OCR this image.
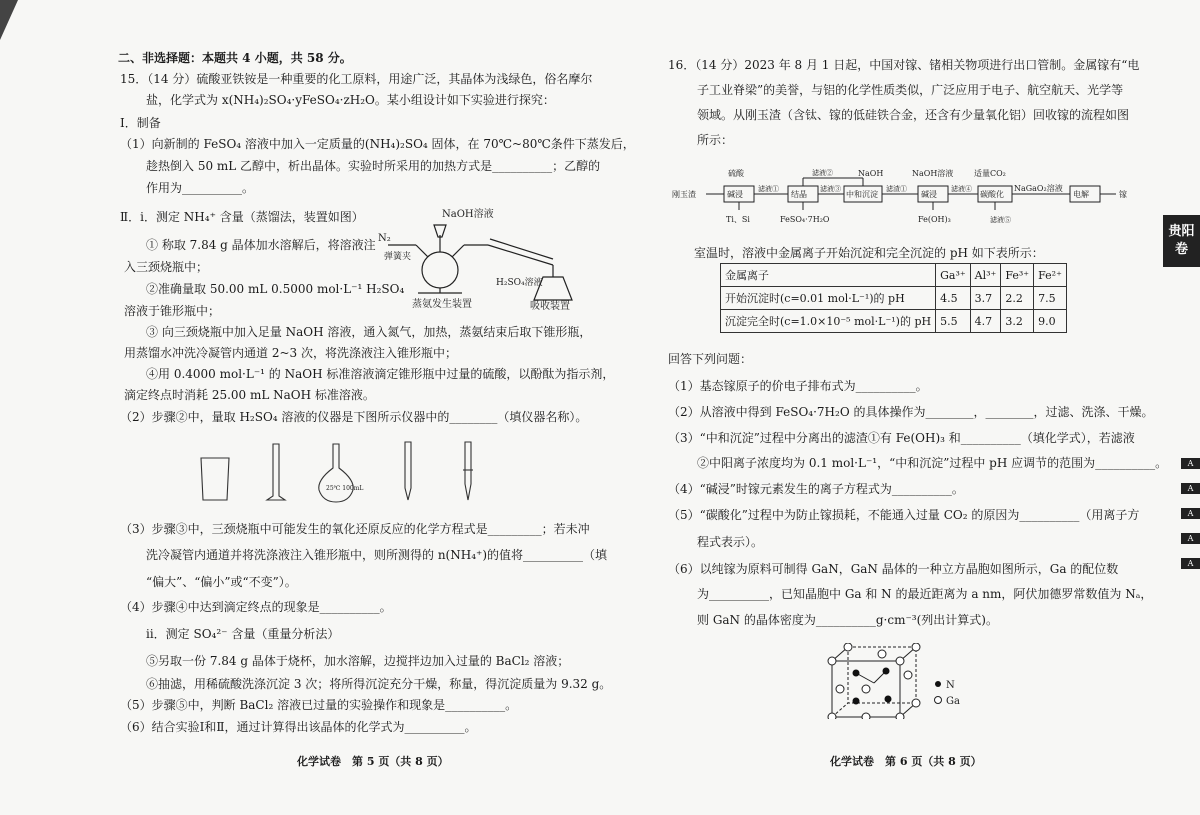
二、非选择题：本题共 4 小题，共 58 分。
15．（14 分）硫酸亚铁铵是一种重要的化工原料，用途广泛，其晶体为浅绿色，俗名摩尔
盐，化学式为 x(NH₄)₂SO₄·yFeSO₄·zH₂O。某小组设计如下实验进行探究：
Ⅰ．制备
（1）向新制的 FeSO₄ 溶液中加入一定质量的(NH₄)₂SO₄ 固体，在 70℃~80℃条件下蒸发后，
趁热倒入 50 mL 乙醇中，析出晶体。实验时所采用的加热方式是__________；乙醇的
作用为__________。
Ⅱ．ⅰ．测定 NH₄⁺ 含量（蒸馏法，装置如图）
① 称取 7.84 g 晶体加水溶解后，将溶液注
入三颈烧瓶中；
②准确量取 50.00 mL 0.5000 mol·L⁻¹ H₂SO₄
溶液于锥形瓶中；
③ 向三颈烧瓶中加入足量 NaOH 溶液，通入氮气，加热，蒸氨结束后取下锥形瓶，
用蒸馏水冲洗冷凝管内通道 2~3 次，将洗涤液注入锥形瓶中；
④用 0.4000 mol·L⁻¹ 的 NaOH 标准溶液滴定锥形瓶中过量的硫酸，以酚酞为指示剂，
滴定终点时消耗 25.00 mL NaOH 标准溶液。
（2）步骤②中，量取 H₂SO₄ 溶液的仪器是下图所示仪器中的________（填仪器名称）。
NaOH溶液
N₂
弹簧夹
H₂SO₄溶液
蒸氨发生装置	吸收装置
25℃ 100mL
（3）步骤③中，三颈烧瓶中可能发生的氧化还原反应的化学方程式是_________；若未冲
洗冷凝管内通道并将洗涤液注入锥形瓶中，则所测得的 n(NH₄⁺)的值将__________（填
“偏大”、“偏小”或“不变”）。
（4）步骤④中达到滴定终点的现象是__________。
ⅱ．测定 SO₄²⁻ 含量（重量分析法）
⑤另取一份 7.84 g 晶体于烧杯，加水溶解，边搅拌边加入过量的 BaCl₂ 溶液；
⑥抽滤，用稀硫酸洗涤沉淀 3 次；将所得沉淀充分干燥，称量，得沉淀质量为 9.32 g。
（5）步骤⑤中，判断 BaCl₂ 溶液已过量的实验操作和现象是__________。
（6）结合实验Ⅰ和Ⅱ，通过计算得出该晶体的化学式为__________。
化学试卷　第 5 页（共 8 页）
16．（14 分）2023 年 8 月 1 日起，中国对镓、锗相关物项进行出口管制。金属镓有“电
子工业脊梁”的美誉，与铝的化学性质类似，广泛应用于电子、航空航天、光学等
领域。从刚玉渣（含钛、镓的低硅铁合金，还含有少量氧化铝）回收镓的流程如图
所示：
刚玉渣	碱浸	结晶	中和沉淀	碱浸	碳酸化	电解	镓
硫酸	NaOH	NaOH溶液	适量CO₂
滤液①
滤液②
滤渣①
滤液③	滤液④
滤液⑤
NaGaO₂溶液
Ti、Si	FeSO₄·7H₂O	Fe(OH)₃
室温时，溶液中金属离子开始沉淀和完全沉淀的 pH 如下表所示：
金属离子	Ga³⁺	Al³⁺	Fe³⁺	Fe²⁺
开始沉淀时(c=0.01 mol·L⁻¹)的 pH	4.5	3.7	2.2	7.5
沉淀完全时(c=1.0×10⁻⁵ mol·L⁻¹)的 pH	5.5	4.7	3.2	9.0
回答下列问题：
（1）基态镓原子的价电子排布式为__________。
（2）从溶液中得到 FeSO₄·7H₂O 的具体操作为________，________，过滤、洗涤、干燥。
（3）“中和沉淀”过程中分离出的滤渣①有 Fe(OH)₃ 和__________（填化学式），若滤液
②中阳离子浓度均为 0.1 mol·L⁻¹，“中和沉淀”过程中 pH 应调节的范围为__________。
（4）“碱浸”时镓元素发生的离子方程式为__________。
（5）“碳酸化”过程中为防止镓损耗，不能通入过量 CO₂ 的原因为__________（用离子方
程式表示）。
（6）以纯镓为原料可制得 GaN，GaN 晶体的一种立方晶胞如图所示，Ga 的配位数
为__________，已知晶胞中 Ga 和 N 的最近距离为 a nm，阿伏加德罗常数值为 Nₐ，
则 GaN 的晶体密度为__________g·cm⁻³(列出计算式)。
N
Ga
化学试卷　第 6 页（共 8 页）
贵阳卷
A
A
A
A
A
